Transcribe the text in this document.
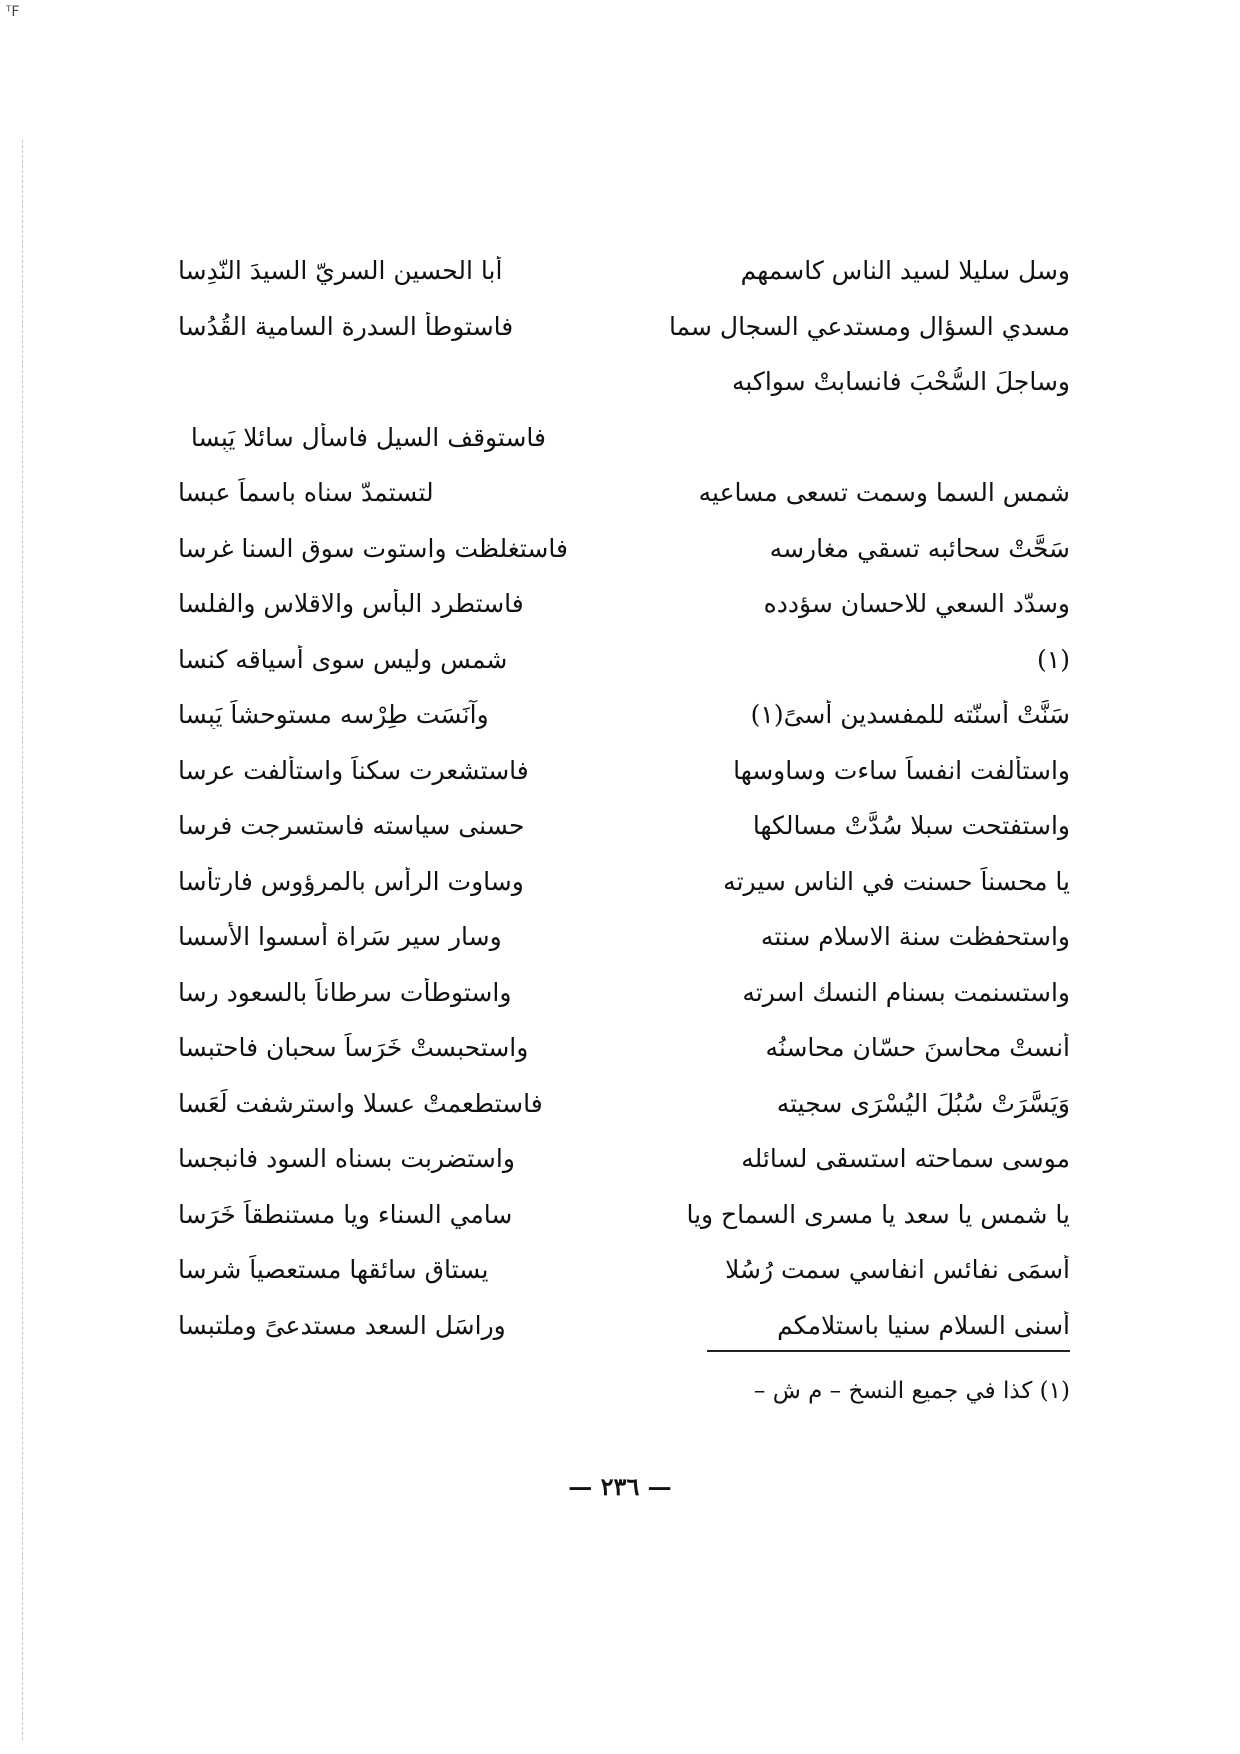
ᵀF
وسل سليلا لسيد الناس كاسمهم
أبا الحسين السريّ السيدَ النّدِسا
مسدي السؤال ومستدعي السجال سما
فاستوطأ السدرة السامية القُدُسا
وساجلَ السُّحْبَ فانسابتْ سواكبه
فاستوقف السيل فاسأل سائلا يَبِسا
شمس السما وسمت تسعى مساعيه
لتستمدّ سناه باسماً عبسا
سَحَّتْ سحائبه تسقي مغارسه
فاستغلظت واستوت سوق السنا غرسا
وسدّد السعي للاحسان سؤدده
فاستطرد البأس والاقلاس والفلسا
(١)
شمس وليس سوى أسياقه كنسا
سَنَّتْ أسنّته للمفسدين أسىً(١)
وآنَسَت طِرْسه مستوحشاً يَبِسا
واستألفت انفساً ساءت وساوسها
فاستشعرت سكناً واستألفت عرسا
واستفتحت سبلا سُدَّتْ مسالكها
حسنى سياسته فاستسرجت فرسا
يا محسناً حسنت في الناس سيرته
وساوت الرأس بالمرؤوس فارتأسا
واستحفظت سنة الاسلام سنته
وسار سير سَراة أسسوا الأسسا
واستسنمت بسنام النسك اسرته
واستوطأت سرطاناً بالسعود رسا
أنستْ محاسنَ حسّانٍ محاسنُه
واستحبستْ خَرَساً سحبان فاحتبسا
وَيَسَّرَتْ سُبُلَ اليُسْرَى سجيته
فاستطعمتْ عسلا واسترشفت لَعَسا
موسى سماحته استسقى لسائله
واستضربت بسناه السود فانبجسا
يا شمس يا سعد يا مسرى السماح ويا
سامي السناء ويا مستنطقاً خَرَسا
أُسمَى نفائس انفاسي سمت رُسُلا
يستاق سائقها مستعصياً شرسا
أسنى السلام سنيا باستلامكم
وراسَل السعد مستدعىً وملتبسا
(١) كذا في جميع النسخ – م ش –
— ٢٣٦ —
